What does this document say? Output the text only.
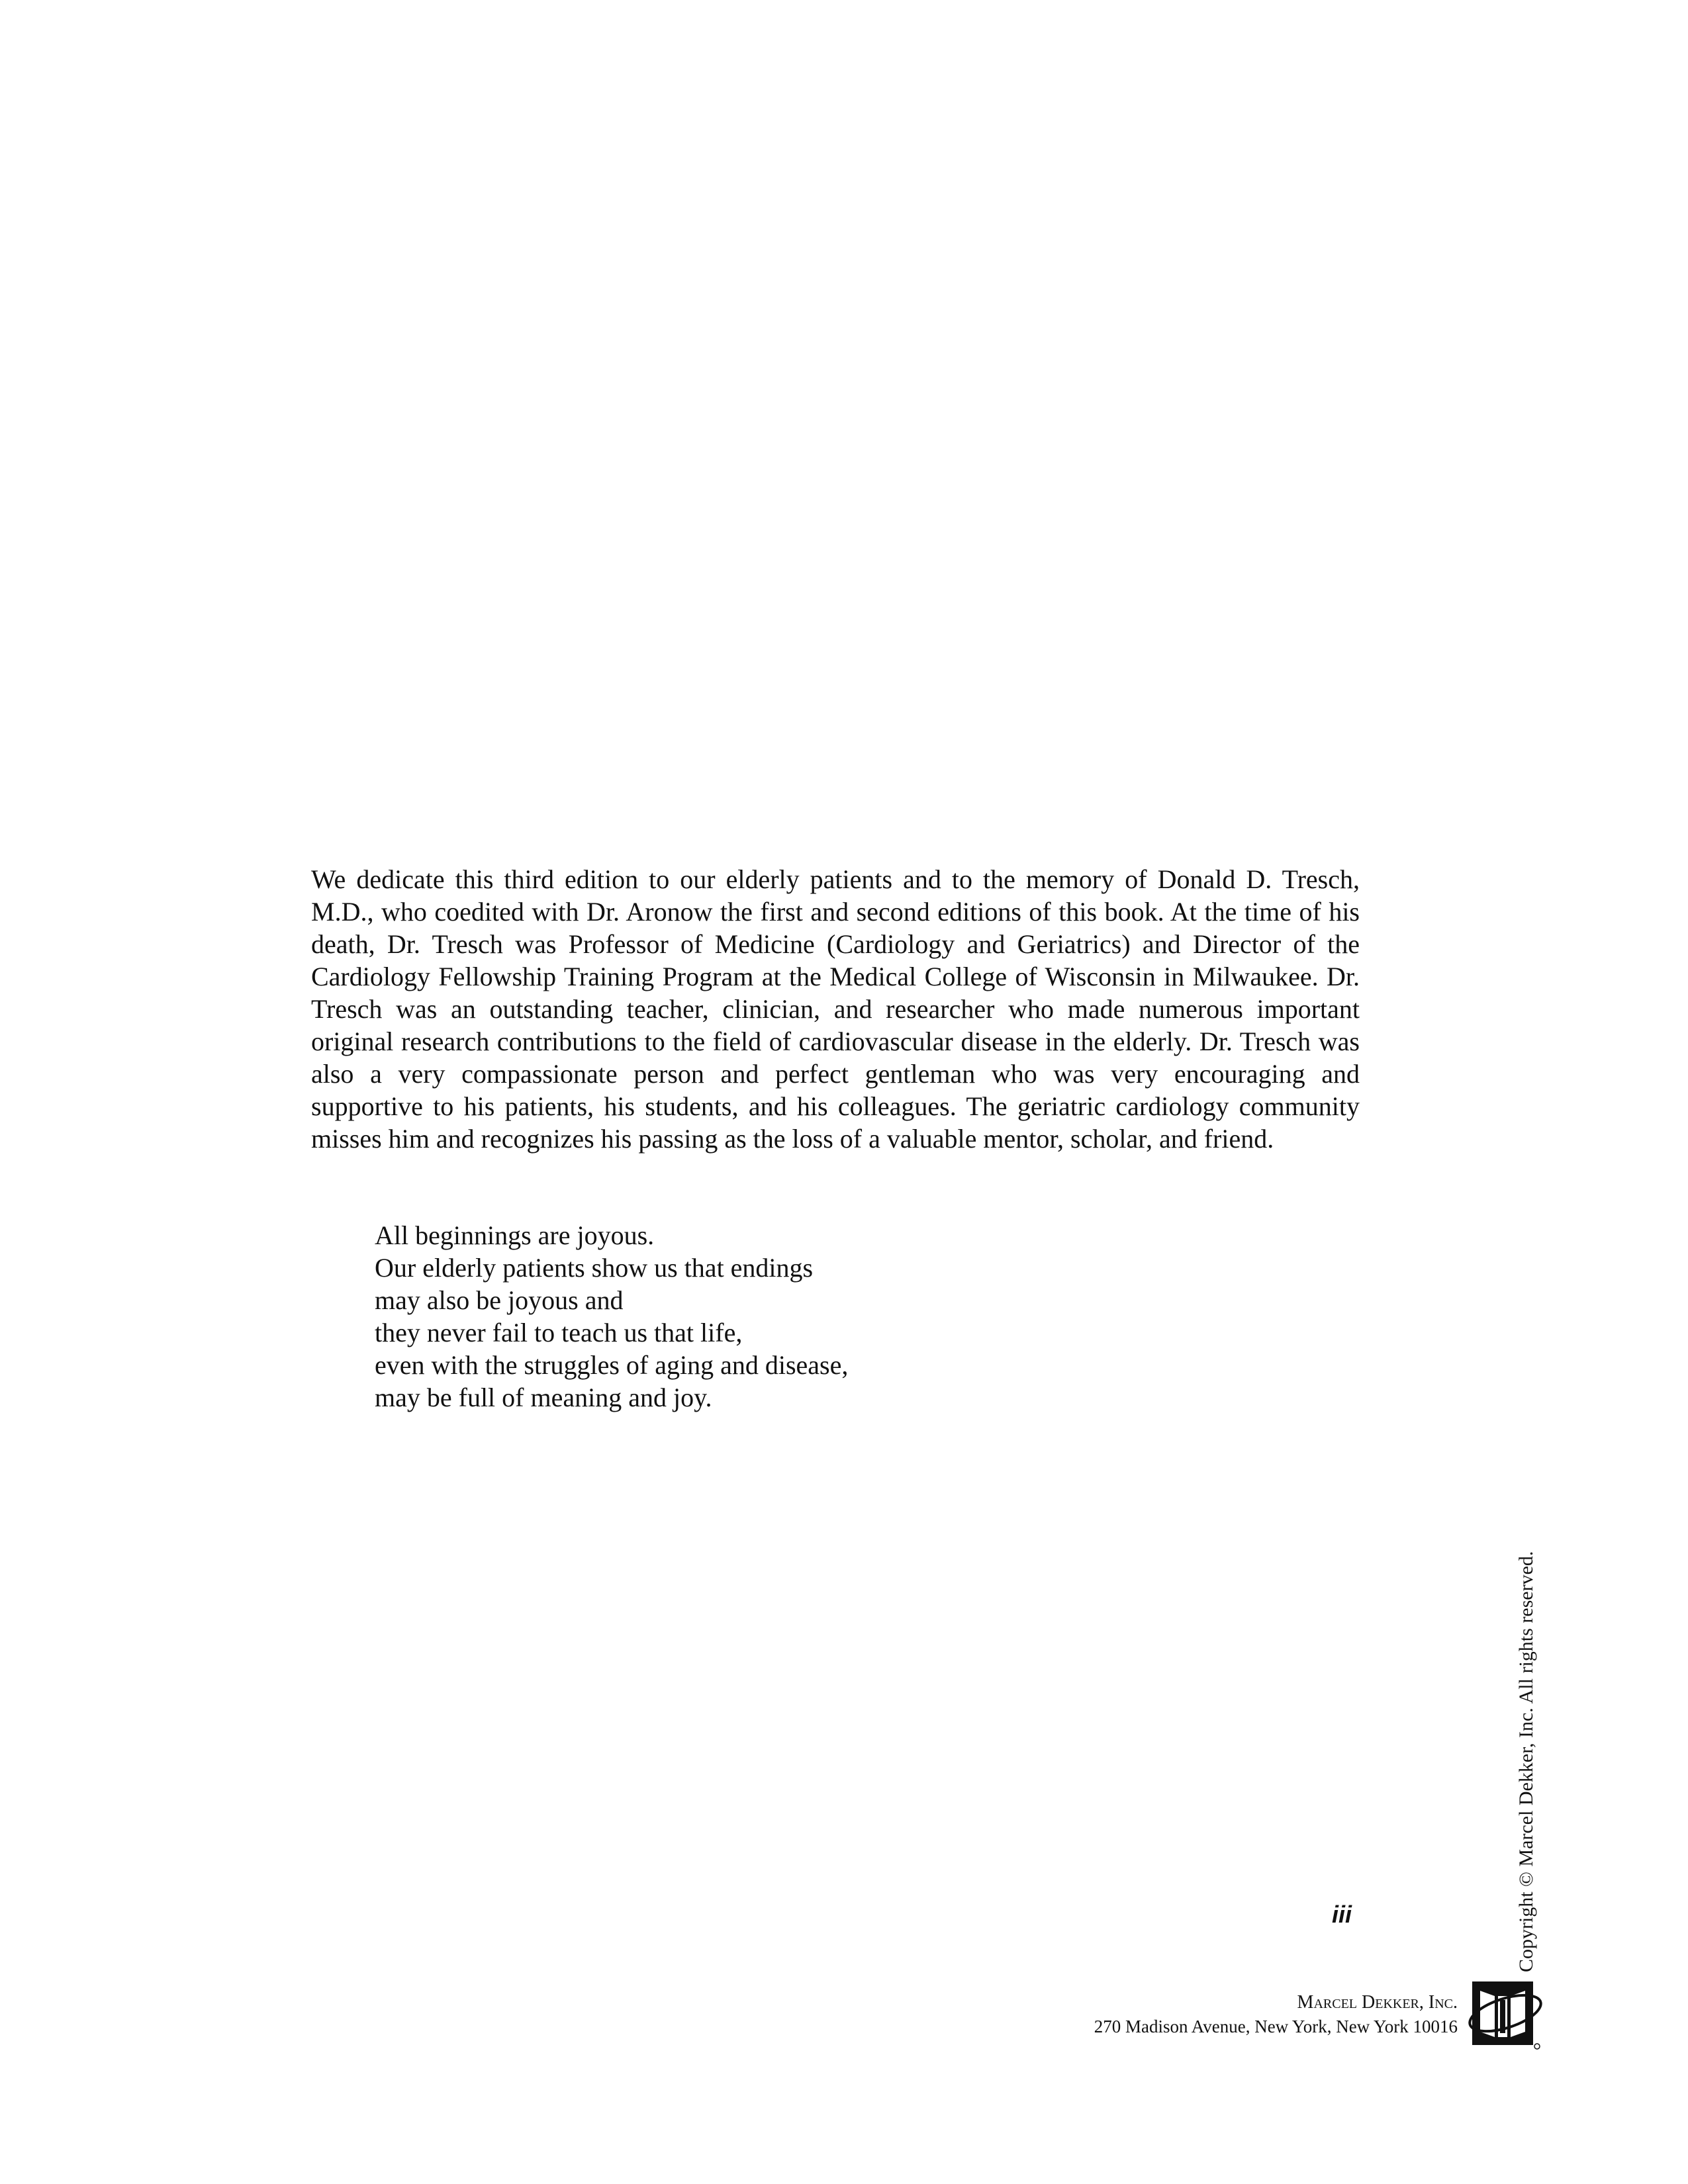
We dedicate this third edition to our elderly patients and to the memory of Donald D. Tresch, M.D., who coedited with Dr. Aronow the first and second editions of this book. At the time of his death, Dr. Tresch was Professor of Medicine (Cardiology and Geriatrics) and Director of the Cardiology Fellowship Training Program at the Medical College of Wisconsin in Milwaukee. Dr. Tresch was an outstanding teacher, clinician, and researcher who made numerous important original research contributions to the field of cardiovascular disease in the elderly. Dr. Tresch was also a very compassionate person and perfect gentleman who was very encouraging and supportive to his patients, his students, and his colleagues. The geriatric cardiology community misses him and recognizes his passing as the loss of a valuable mentor, scholar, and friend.

All beginnings are joyous.
Our elderly patients show us that endings
may also be joyous and
they never fail to teach us that life,
even with the struggles of aging and disease,
may be full of meaning and joy.
iii	Copyright © Marcel Dekker, Inc. All rights reserved.
Marcel Dekker, Inc.
270 Madison Avenue, New York, New York 10016
